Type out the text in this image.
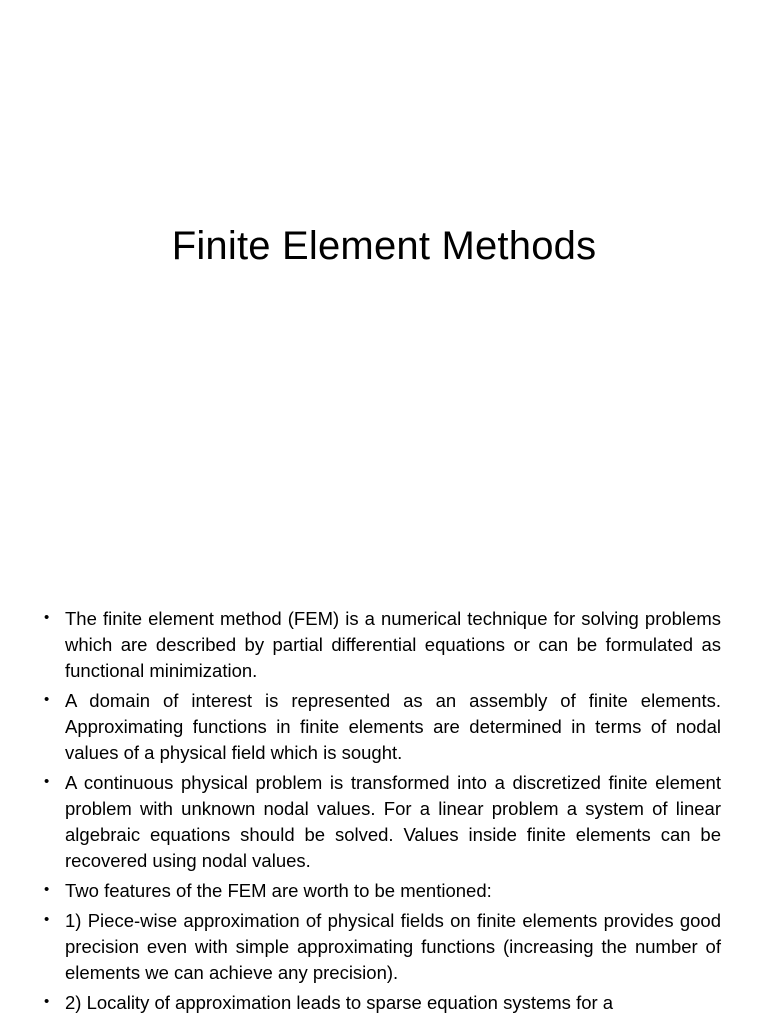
Finite Element Methods
• The finite element method (FEM) is a numerical technique for solving problems which are described by partial differential equations or can be formulated as functional minimization.
• A domain of interest is represented as an assembly of finite elements. Approximating functions in finite elements are determined in terms of nodal values of a physical field which is sought.
• A continuous physical problem is transformed into a discretized finite element problem with unknown nodal values. For a linear problem a system of linear algebraic equations should be solved. Values inside finite elements can be recovered using nodal values.
• Two features of the FEM are worth to be mentioned:
• 1) Piece-wise approximation of physical fields on finite elements provides good precision even with simple approximating functions (increasing the number of elements we can achieve any precision).
• 2) Locality of approximation leads to sparse equation systems for a
